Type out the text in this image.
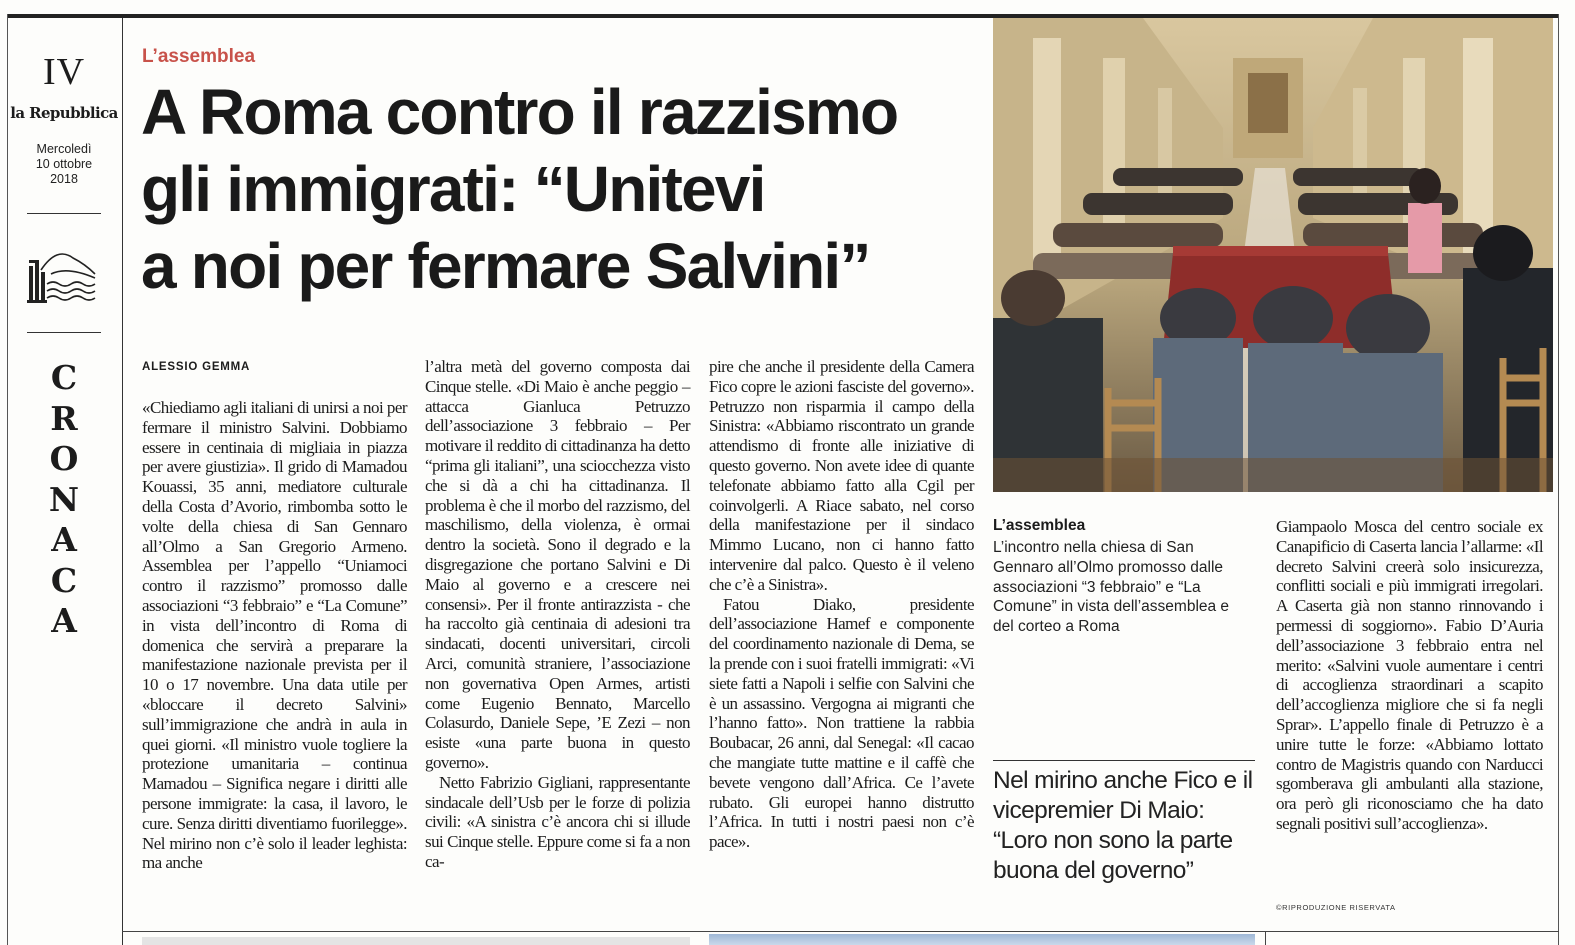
IV
la Repubblica
Mercoledì
10 ottobre
2018
C
R
O
N
A
C
A
L’assemblea
A Roma contro il razzismo
gli immigrati: “Unitevi
a noi per fermare Salvini”
ALESSIO GEMMA

«Chiediamo agli italiani di unirsi a noi per fermare il ministro Salvini. Dobbiamo essere in centinaia di migliaia in piazza per avere giustizia». Il grido di Mamadou Kouassi, 35 anni, mediatore culturale della Costa d’Avorio, rimbomba sotto le volte della chiesa di San Gennaro all’Olmo a San Gregorio Armeno. Assemblea per l’appello “Uniamoci contro il razzismo” promosso dalle associazioni “3 febbraio” e “La Comune” in vista dell’incontro di Roma di domenica che servirà a preparare la manifestazione nazionale prevista per il 10 o 17 novembre. Una data utile per «bloccare il decreto Salvini» sull’immigrazione che andrà in aula in quei giorni. «Il ministro vuole togliere la protezione umanitaria – continua Mamadou – Significa negare i diritti alle persone immigrate: la casa, il lavoro, le cure. Senza diritti diventiamo fuorilegge». Nel mirino non c’è solo il leader leghista: ma anche

l’altra metà del governo composta dai Cinque stelle. «Di Maio è anche peggio – attacca Gianluca Petruzzo dell’associazione 3 febbraio – Per motivare il reddito di cittadinanza ha detto “prima gli italiani”, una sciocchezza visto che si dà a chi ha cittadinanza. Il problema è che il morbo del razzismo, del maschilismo, della violenza, è ormai dentro la società. Sono il degrado e la disgregazione che portano Salvini e Di Maio al governo e a crescere nei consensi». Per il fronte antirazzista - che ha raccolto già centinaia di adesioni tra sindacati, docenti universitari, circoli Arci, comunità straniere, l’associazione non governativa Open Armes, artisti come Eugenio Bennato, Marcello Colasurdo, Daniele Sepe, ’E Zezi – non esiste «una parte buona in questo governo».

Netto Fabrizio Gigliani, rappresentante sindacale dell’Usb per le forze di polizia civili: «A sinistra c’è ancora chi si illude sui Cinque stelle. Eppure come si fa a non ca-

pire che anche il presidente della Camera Fico copre le azioni fasciste del governo». Petruzzo non risparmia il campo della Sinistra: «Abbiamo riscontrato un grande attendismo di fronte alle iniziative di questo governo. Non avete idee di quante telefonate abbiamo fatto alla Cgil per coinvolgerli. A Riace sabato, nel corso della manifestazione per il sindaco Mimmo Lucano, non ci hanno fatto intervenire dal palco. Questo è il veleno che c’è a Sinistra».

Fatou Diako, presidente dell’associazione Hamef e componente del coordinamento nazionale di Dema, se la prende con i suoi fratelli immigrati: «Vi siete fatti a Napoli i selfie con Salvini che è un assassino. Vergogna ai migranti che l’hanno fatto». Non trattiene la rabbia Boubacar, 26 anni, dal Senegal: «Il cacao che mangiate tutte mattine e il caffè che bevete vengono dall’Africa. Ce l’avete rubato. Gli europei hanno distrutto l’Africa. In tutti i nostri paesi non c’è pace».

Giampaolo Mosca del centro sociale ex Canapificio di Caserta lancia l’allarme: «Il decreto Salvini creerà solo insicurezza, conflitti sociali e più immigrati irregolari. A Caserta già non stanno rinnovando i permessi di soggiorno». Fabio D’Auria dell’associazione 3 febbraio entra nel merito: «Salvini vuole aumentare i centri di accoglienza straordinari a scapito dell’accoglienza migliore che si fa negli Sprar». L’appello finale di Petruzzo è a unire tutte le forze: «Abbiamo lottato contro de Magistris quando con Narducci sgomberava gli ambulanti alla stazione, ora però gli riconosciamo che ha dato segnali positivi sull’accoglienza».

L’assemblea
L’incontro nella chiesa di San Gennaro all’Olmo promosso dalle associazioni “3 febbraio” e “La Comune” in vista dell’assemblea e del corteo a Roma
Nel mirino anche Fico e il vicepremier Di Maio: “Loro non sono la parte buona del governo”
©RIPRODUZIONE RISERVATA
